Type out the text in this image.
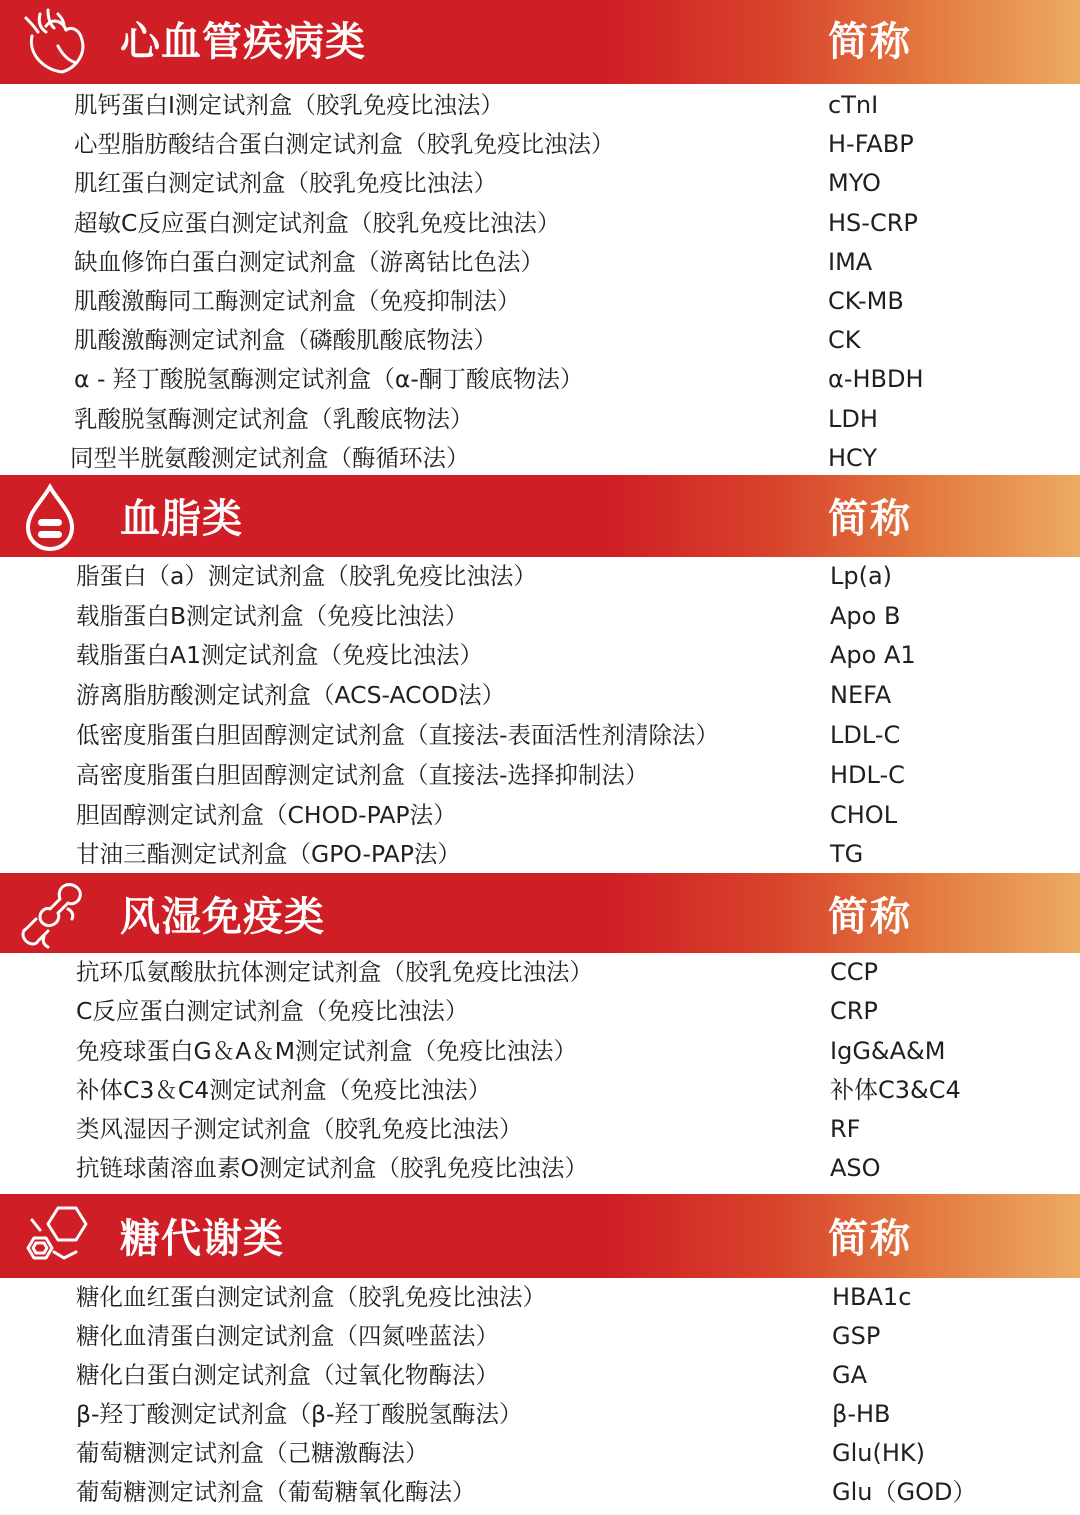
心血管疾病类	简称
肌钙蛋白Ⅰ测定试剂盒（胶乳免疫比浊法）	cTnI
心型脂肪酸结合蛋白测定试剂盒（胶乳免疫比浊法）	H-FABP
肌红蛋白测定试剂盒（胶乳免疫比浊法）	MYO
超敏C反应蛋白测定试剂盒（胶乳免疫比浊法）	HS-CRP
缺血修饰白蛋白测定试剂盒（游离钴比色法）	IMA
肌酸激酶同工酶测定试剂盒（免疫抑制法）	CK-MB
肌酸激酶测定试剂盒（磷酸肌酸底物法）	CK
α - 羟丁酸脱氢酶测定试剂盒（α-酮丁酸底物法）	α-HBDH
乳酸脱氢酶测定试剂盒（乳酸底物法）	LDH
同型半胱氨酸测定试剂盒（酶循环法）	HCY
血脂类	简称
脂蛋白（a）测定试剂盒（胶乳免疫比浊法）	Lp(a)
载脂蛋白B测定试剂盒（免疫比浊法）	Apo B
载脂蛋白A1测定试剂盒（免疫比浊法）	Apo A1
游离脂肪酸测定试剂盒（ACS-ACOD法）	NEFA
低密度脂蛋白胆固醇测定试剂盒（直接法-表面活性剂清除法）	LDL-C
高密度脂蛋白胆固醇测定试剂盒（直接法-选择抑制法）	HDL-C
胆固醇测定试剂盒（CHOD-PAP法）	CHOL
甘油三酯测定试剂盒（GPO-PAP法）	TG
风湿免疫类	简称
抗环瓜氨酸肽抗体测定试剂盒（胶乳免疫比浊法）	CCP
C反应蛋白测定试剂盒（免疫比浊法）	CRP
免疫球蛋白G＆A＆M测定试剂盒（免疫比浊法）	IgG&A&M
补体C3＆C4测定试剂盒（免疫比浊法）	补体C3&C4
类风湿因子测定试剂盒（胶乳免疫比浊法）	RF
抗链球菌溶血素O测定试剂盒（胶乳免疫比浊法）	ASO
糖代谢类	简称
糖化血红蛋白测定试剂盒（胶乳免疫比浊法）	HBA1c
糖化血清蛋白测定试剂盒（四氮唑蓝法）	GSP
糖化白蛋白测定试剂盒（过氧化物酶法）	GA
β-羟丁酸测定试剂盒（β-羟丁酸脱氢酶法）	β-HB
葡萄糖测定试剂盒（己糖激酶法）	Glu(HK)
葡萄糖测定试剂盒（葡萄糖氧化酶法）	Glu（GOD）
